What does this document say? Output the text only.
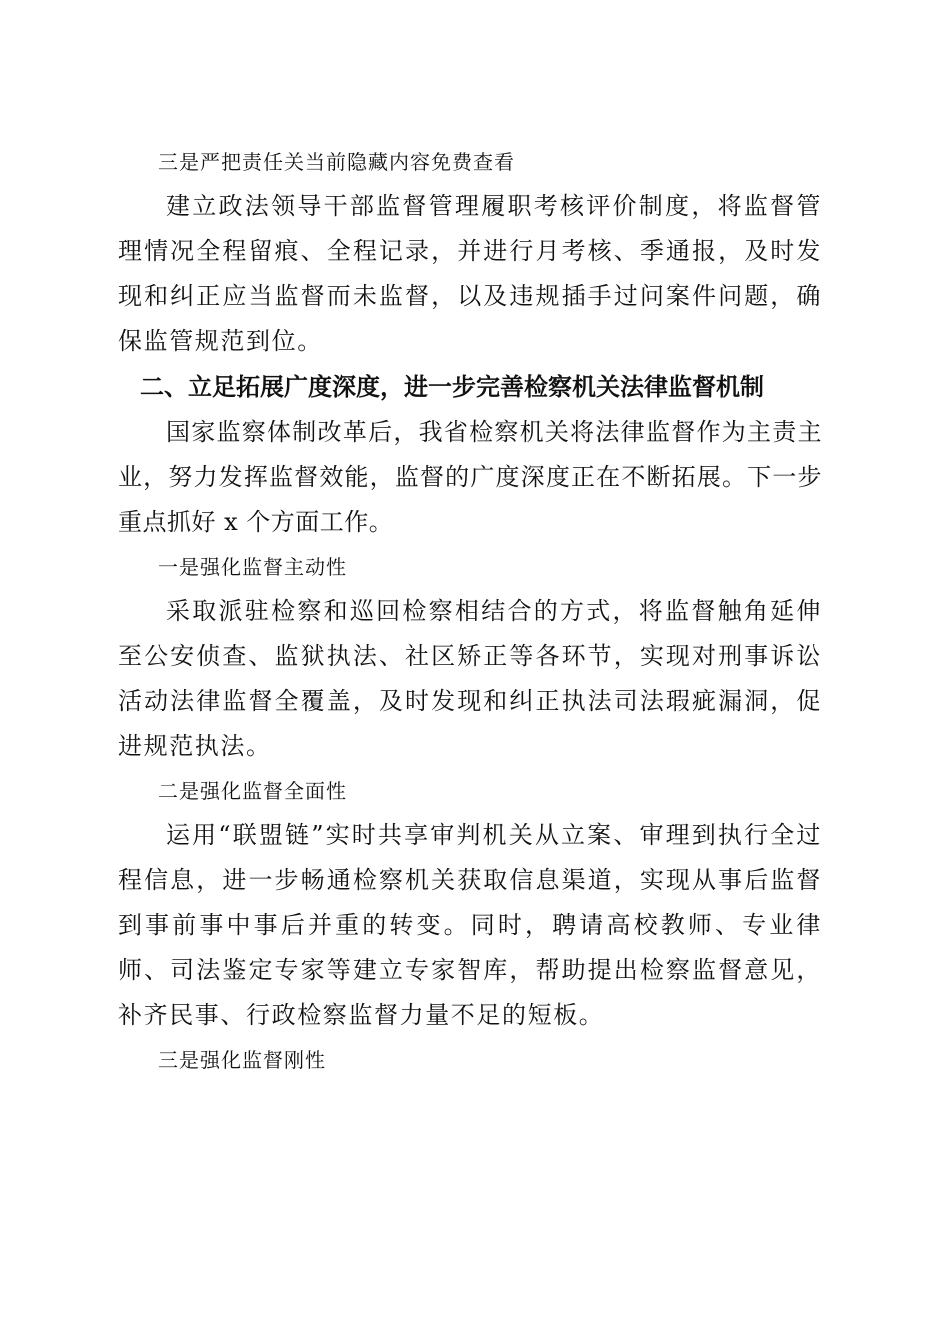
三是严把责任关当前隐藏内容免费查看

建立政法领导干部监督管理履职考核评价制度，将监督管理情况全程留痕、全程记录，并进行月考核、季通报，及时发现和纠正应当监督而未监督，以及违规插手过问案件问题，确保监管规范到位。

二、立足拓展广度深度，进一步完善检察机关法律监督机制

国家监察体制改革后，我省检察机关将法律监督作为主责主业，努力发挥监督效能，监督的广度深度正在不断拓展。下一步重点抓好 x 个方面工作。

一是强化监督主动性

采取派驻检察和巡回检察相结合的方式，将监督触角延伸至公安侦查、监狱执法、社区矫正等各环节，实现对刑事诉讼活动法律监督全覆盖，及时发现和纠正执法司法瑕疵漏洞，促进规范执法。

二是强化监督全面性

运用“联盟链”实时共享审判机关从立案、审理到执行全过程信息，进一步畅通检察机关获取信息渠道，实现从事后监督到事前事中事后并重的转变。同时，聘请高校教师、专业律师、司法鉴定专家等建立专家智库，帮助提出检察监督意见，补齐民事、行政检察监督力量不足的短板。

三是强化监督刚性
